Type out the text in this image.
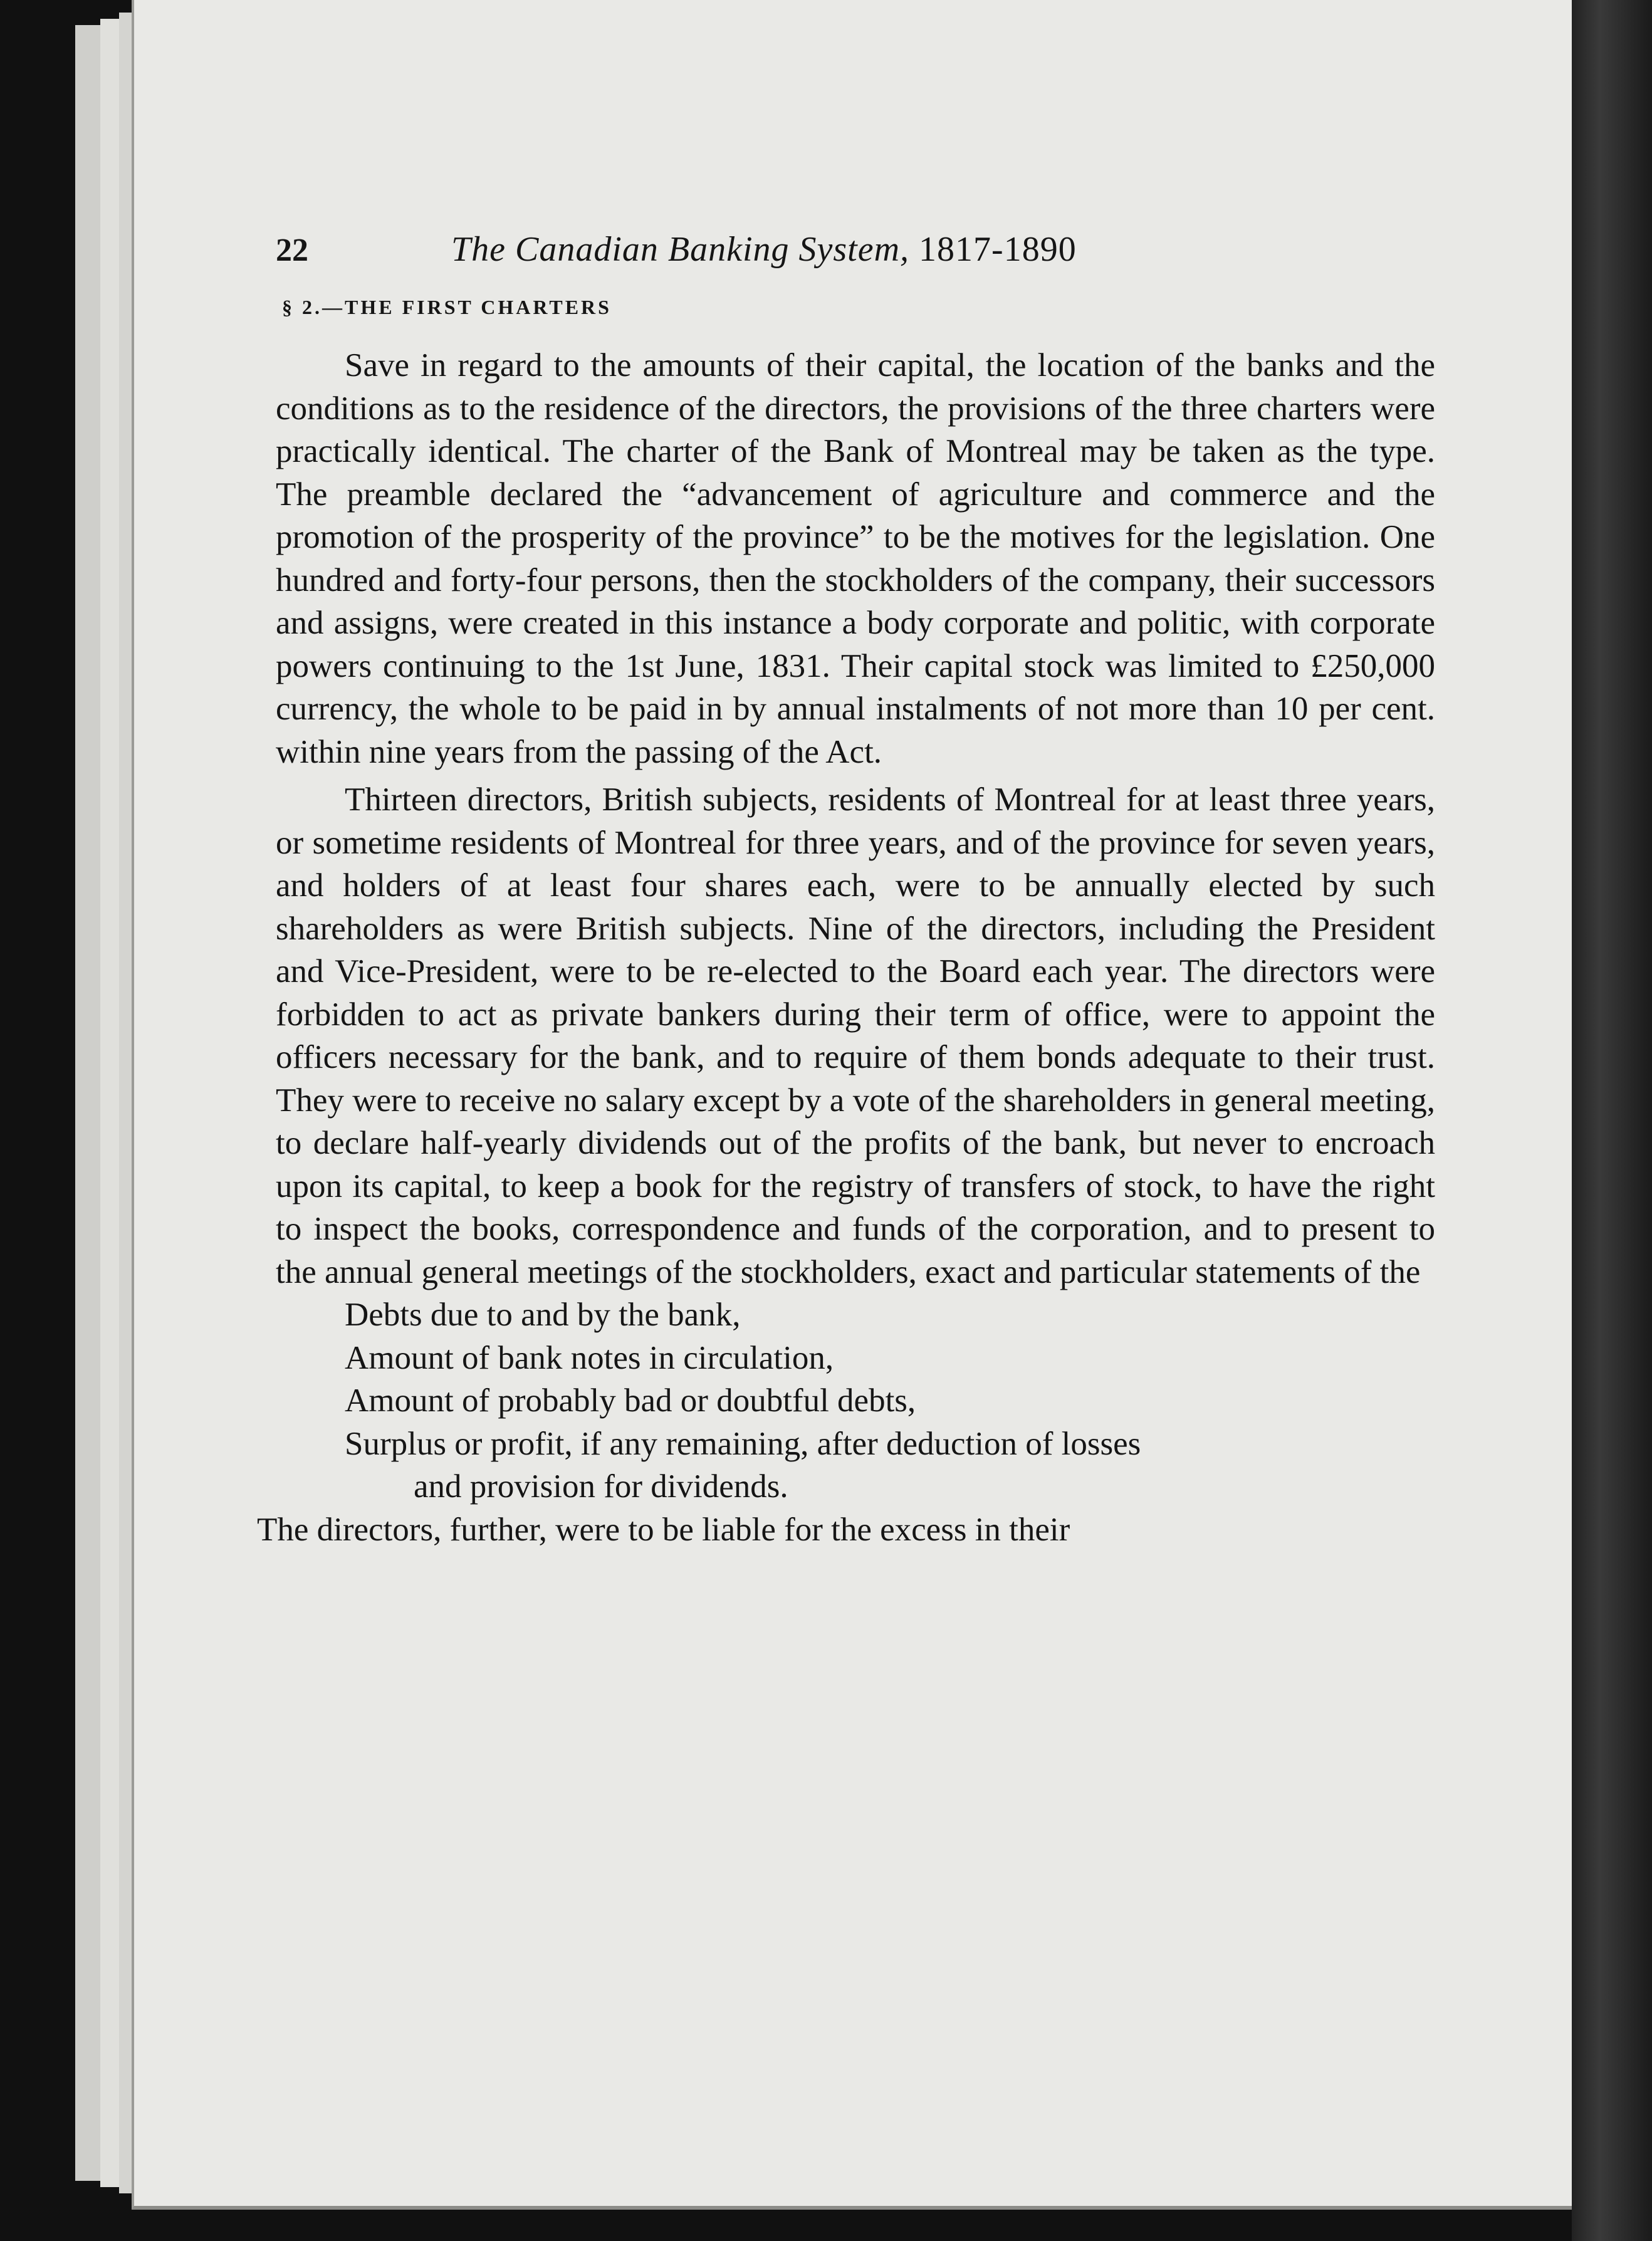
22	The Canadian Banking System, 1817-1890
§ 2.—THE FIRST CHARTERS

Save in regard to the amounts of their capital, the location of the banks and the conditions as to the residence of the directors, the provisions of the three charters were practically identical. The charter of the Bank of Montreal may be taken as the type. The preamble declared the “advancement of agriculture and commerce and the promotion of the prosperity of the province” to be the motives for the legislation. One hundred and forty-four persons, then the stockholders of the company, their successors and assigns, were created in this instance a body corporate and politic, with corporate powers continuing to the 1st June, 1831. Their capital stock was limited to £250,000 currency, the whole to be paid in by annual instalments of not more than 10 per cent. within nine years from the passing of the Act.

Thirteen directors, British subjects, residents of Montreal for at least three years, or sometime residents of Montreal for three years, and of the province for seven years, and holders of at least four shares each, were to be annually elected by such shareholders as were British subjects. Nine of the directors, including the President and Vice-President, were to be re-elected to the Board each year. The directors were forbidden to act as private bankers during their term of office, were to appoint the officers necessary for the bank, and to require of them bonds adequate to their trust. They were to receive no salary except by a vote of the shareholders in general meeting, to declare half-yearly dividends out of the profits of the bank, but never to encroach upon its capital, to keep a book for the registry of transfers of stock, to have the right to inspect the books, correspondence and funds of the corporation, and to present to the annual general meetings of the stockholders, exact and particular statements of the

Debts due to and by the bank,
Amount of bank notes in circulation,
Amount of probably bad or doubtful debts,
Surplus or profit, if any remaining, after deduction of losses
and provision for dividends.

The directors, further, were to be liable for the excess in their
